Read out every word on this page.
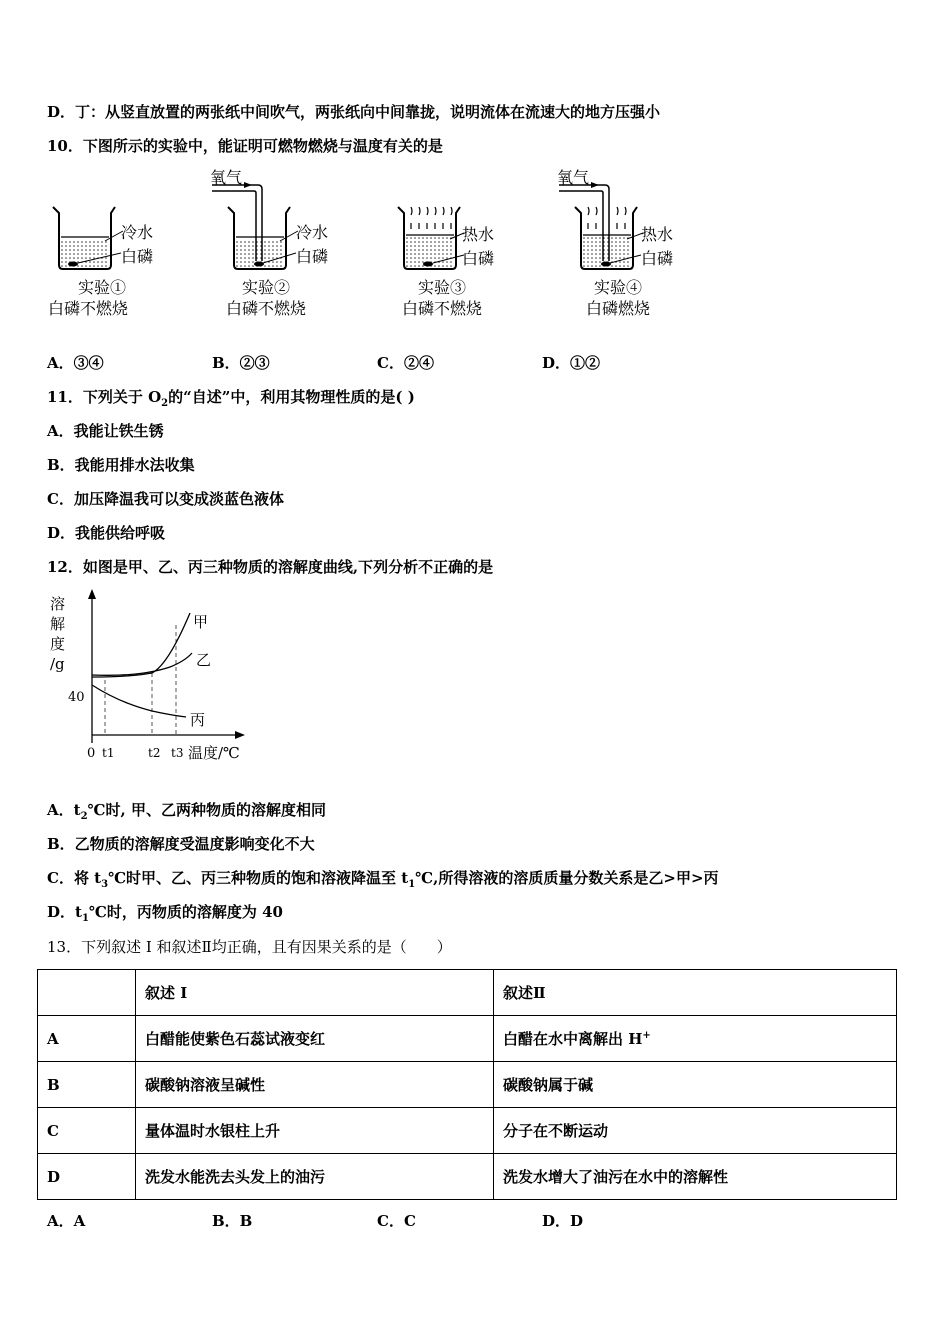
D．丁：从竖直放置的两张纸中间吹气，两张纸向中间靠拢，说明流体在流速大的地方压强小
10．下图所示的实验中，能证明可燃物燃烧与温度有关的是
冷水
白磷
实验①
白磷不燃烧
氧气
冷水
白磷
实验②
白磷不燃烧
热水
白磷
实验③
白磷不燃烧
氧气
热水
白磷
实验④
白磷燃烧
A．③④	B．②③	C．②④	D．①②
11．下列关于 $O_2$的“自述”中，利用其物理性质的是( )
A．我能让铁生锈
B．我能用排水法收集
C．加压降温我可以变成淡蓝色液体
D．我能供给呼吸
12．如图是甲、乙、丙三种物质的溶解度曲线,下列分析不正确的是
溶
解
度
/g
40
0 t1	t2 t3 温度/℃
甲
乙
丙
A．$t_2℃$时, 甲、乙两种物质的溶解度相同
B．乙物质的溶解度受温度影响变化不大
C．将 $t_3℃$时甲、乙、丙三种物质的饱和溶液降温至 $t_1℃$,所得溶液的溶质质量分数关系是乙>甲>丙
D．$t_1℃$时，丙物质的溶解度为 40
13．下列叙述 I 和叙述Ⅱ均正确，且有因果关系的是（　　）
	叙述 I	叙述Ⅱ
A	白醋能使紫色石蕊试液变红	白醋在水中离解出 H+
B	碳酸钠溶液呈碱性	碳酸钠属于碱
C	量体温时水银柱上升	分子在不断运动
D	洗发水能洗去头发上的油污	洗发水增大了油污在水中的溶解性
A．A	B．B	C．C	D．D
